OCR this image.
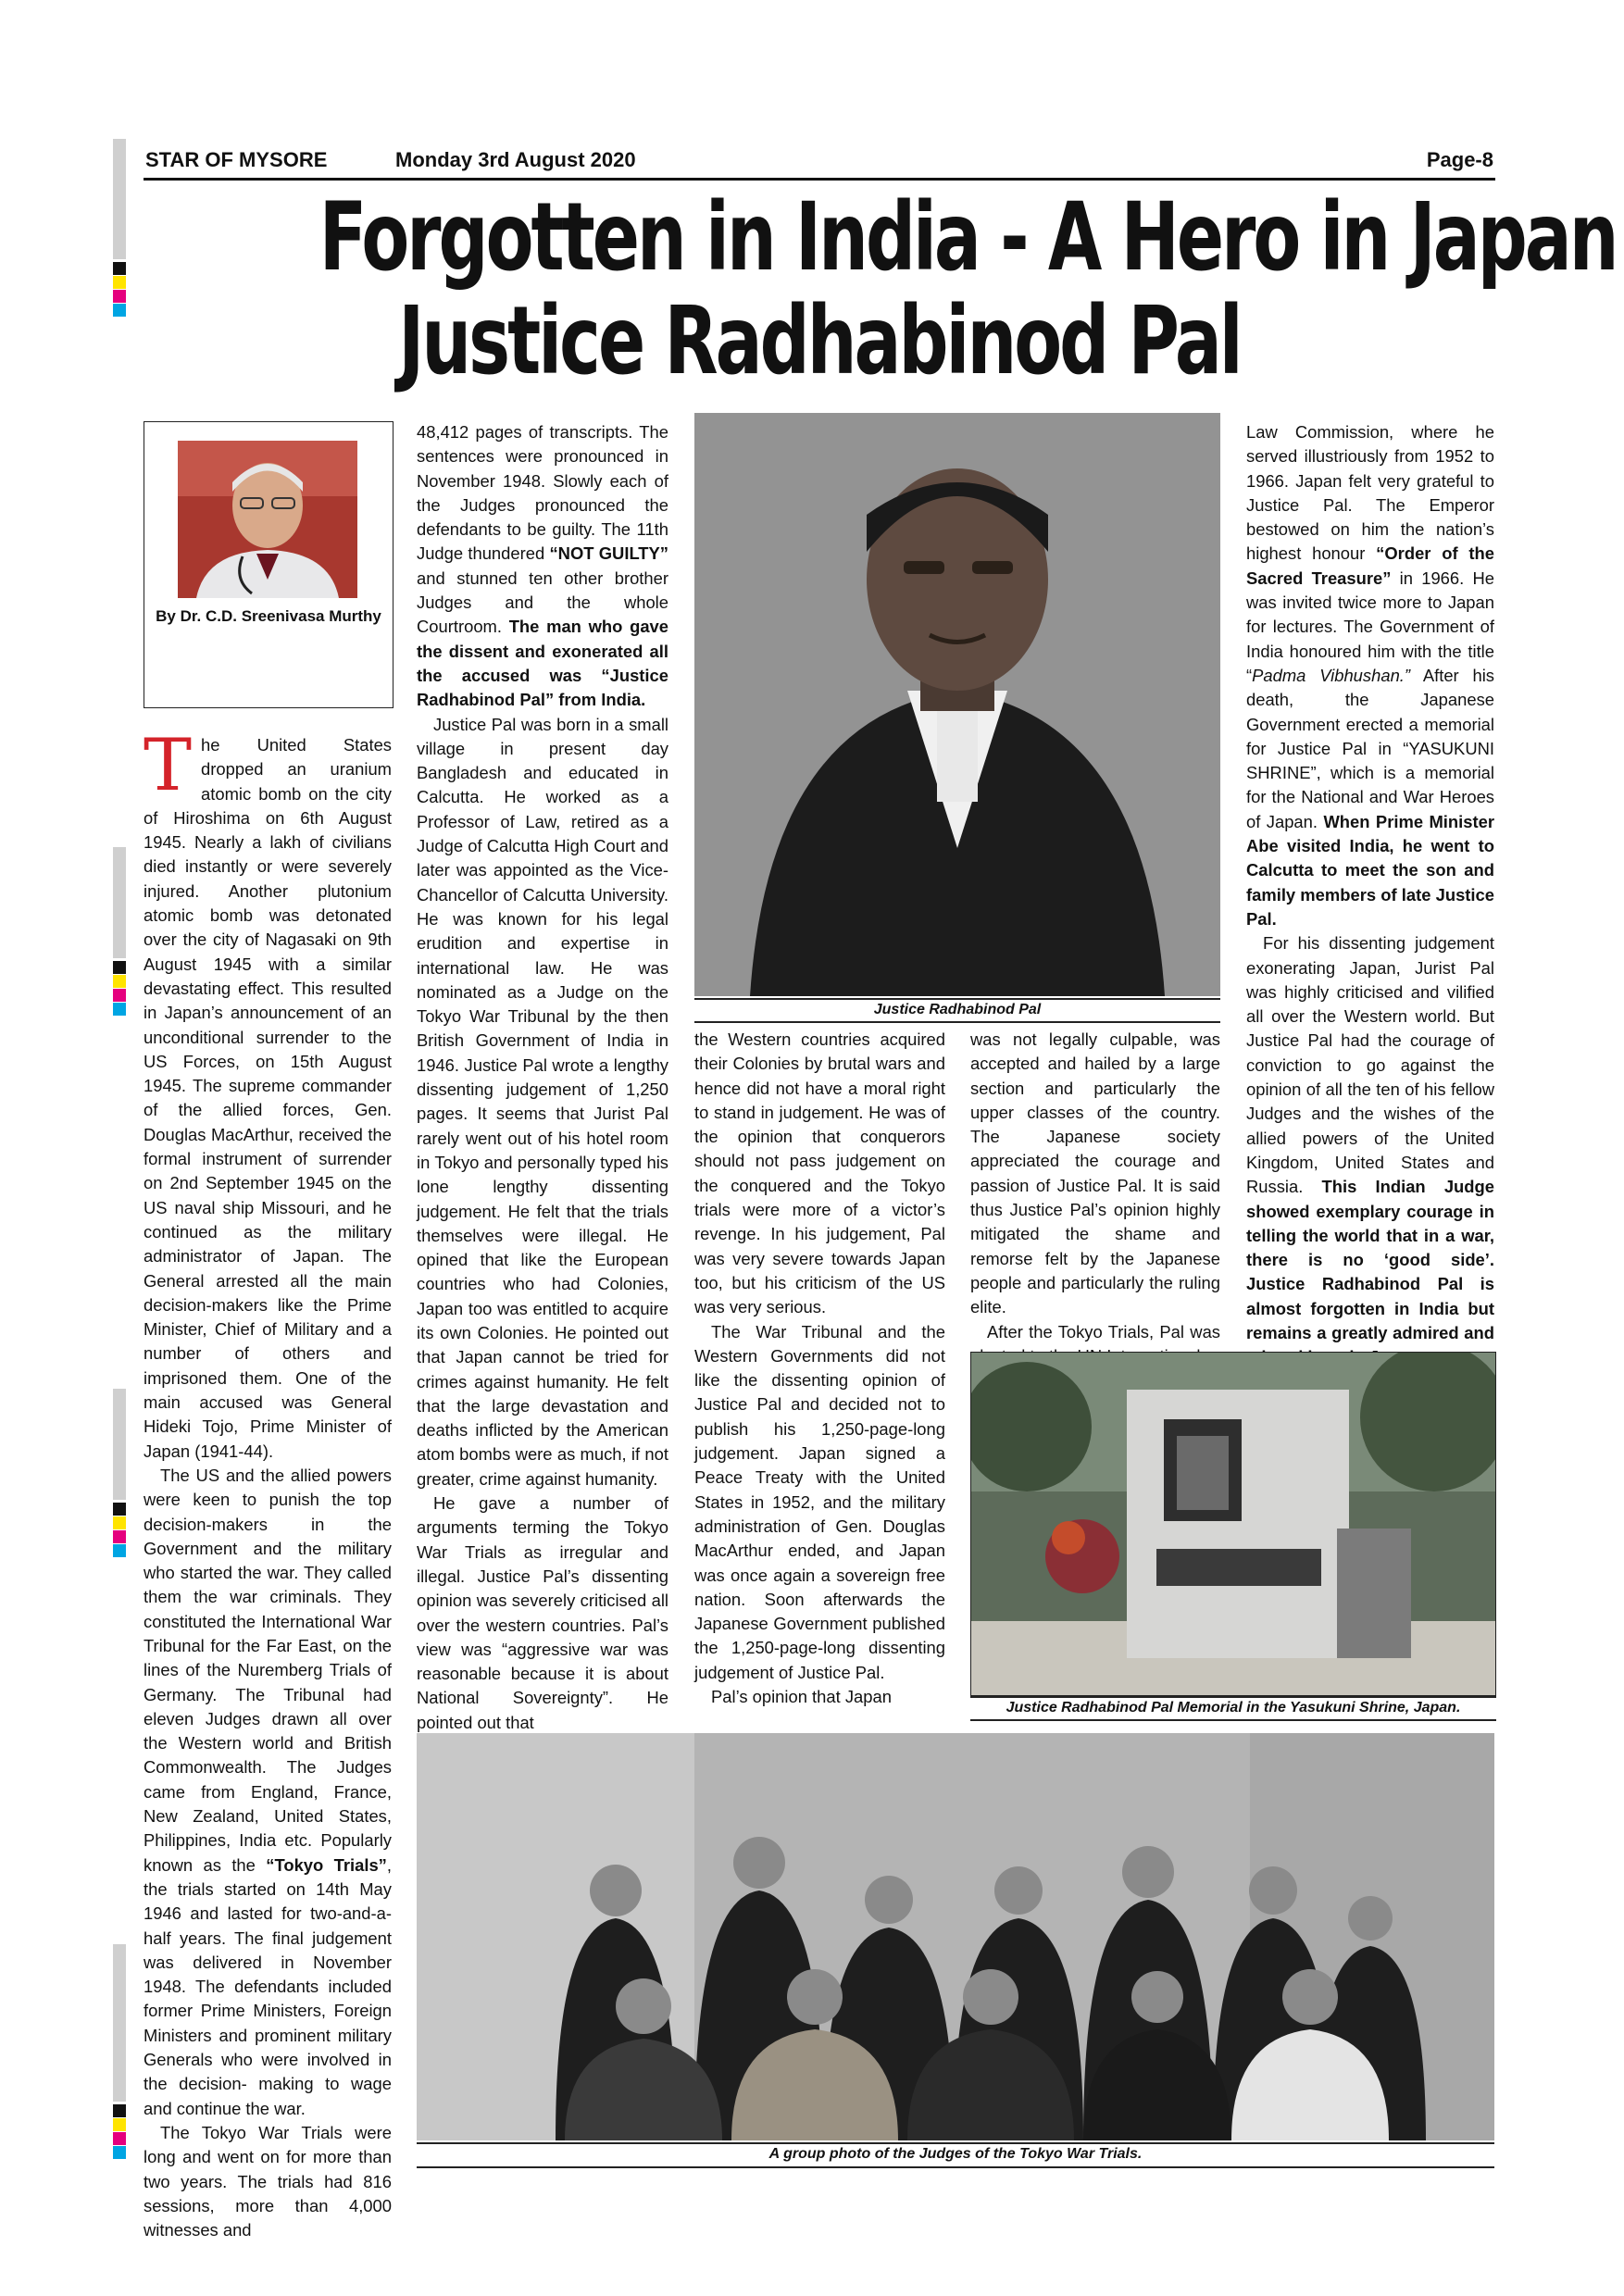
STAR OF MYSORE	Monday 3rd August 2020	Page-8
Forgotten in India - A Hero in Japan
Justice Radhabinod Pal
By Dr. C.D. Sreenivasa Murthy

The United States dropped an uranium atomic bomb on the city of Hiroshima on 6th August 1945. Nearly a lakh of civilians died instantly or were severely injured. Another plutonium atomic bomb was detonated over the city of Nagasaki on 9th August 1945 with a similar devastating effect. This resulted in Japan’s announcement of an unconditional surrender to the US Forces, on 15th August 1945. The supreme commander of the allied forces, Gen. Douglas MacArthur, received the formal instrument of surrender on 2nd September 1945 on the US naval ship Missouri, and he continued as the military administrator of Japan. The General arrested all the main decision-makers like the Prime Minister, Chief of Military and a number of others and imprisoned them. One of the main accused was General Hideki Tojo, Prime Minister of Japan (1941-44).

The US and the allied powers were keen to punish the top decision-makers in the Government and the military who started the war. They called them the war criminals. They constituted the International War Tribunal for the Far East, on the lines of the Nuremberg Trials of Germany. The Tribunal had eleven Judges drawn all over the Western world and British Commonwealth. The Judges came from England, France, New Zealand, United States, Philippines, India etc. Popularly known as the “Tokyo Trials”, the trials started on 14th May 1946 and lasted for two-and-a-half years. The final judgement was delivered in November 1948. The defendants included former Prime Ministers, Foreign Ministers and prominent military Generals who were involved in the decision- making to wage and continue the war.

The Tokyo War Trials were long and went on for more than two years. The trials had 816 sessions, more than 4,000 witnesses and

48,412 pages of transcripts. The sentences were pronounced in November 1948. Slowly each of the Judges pronounced the defendants to be guilty. The 11th Judge thundered “NOT GUILTY” and stunned ten other brother Judges and the whole Courtroom. The man who gave the dissent and exonerated all the accused was “Justice Radhabinod Pal” from India.

Justice Pal was born in a small village in present day Bangladesh and educated in Calcutta. He worked as a Professor of Law, retired as a Judge of Calcutta High Court and later was appointed as the Vice-Chancellor of Calcutta University. He was known for his legal erudition and expertise in international law. He was nominated as a Judge on the Tokyo War Tribunal by the then British Government of India in 1946. Justice Pal wrote a lengthy dissenting judgement of 1,250 pages. It seems that Jurist Pal rarely went out of his hotel room in Tokyo and personally typed his lone lengthy dissenting judgement. He felt that the trials themselves were illegal. He opined that like the European countries who had Colonies, Japan too was entitled to acquire its own Colonies. He pointed out that Japan cannot be tried for crimes against humanity. He felt that the large devastation and deaths inflicted by the American atom bombs were as much, if not greater, crime against humanity.

He gave a number of arguments terming the Tokyo War Trials as irregular and illegal. Justice Pal’s dissenting opinion was severely criticised all over the western countries. Pal’s view was “aggressive war was reasonable because it is about National Sovereignty”. He pointed out that

Justice Radhabinod Pal

the Western countries acquired their Colonies by brutal wars and hence did not have a moral right to stand in judgement. He was of the opinion that conquerors should not pass judgement on the conquered and the Tokyo trials were more of a victor’s revenge. In his judgement, Pal was very severe towards Japan too, but his criticism of the US was very serious.

The War Tribunal and the Western Governments did not like the dissenting opinion of Justice Pal and decided not to publish his 1,250-page-long judgement. Japan signed a Peace Treaty with the United States in 1952, and the military administration of Gen. Douglas MacArthur ended, and Japan was once again a sovereign free nation. Soon afterwards the Japanese Government published the 1,250-page-long dissenting judgement of Justice Pal.

Pal’s opinion that Japan

was not legally culpable, was accepted and hailed by a large section and particularly the upper classes of the country. The Japanese society appreciated the courage and passion of Justice Pal. It is said thus Justice Pal’s opinion highly mitigated the shame and remorse felt by the Japanese people and particularly the ruling elite.

After the Tokyo Trials, Pal was

Law Commission, where he served illustriously from 1952 to 1966. Japan felt very grateful to Justice Pal. The Emperor bestowed on him the nation’s highest honour “Order of the Sacred Treasure” in 1966. He was invited twice more to Japan for lectures. The Government of India honoured him with the title “Padma Vibhushan.” After his death, the Japanese Government erected a memorial for Justice Pal in “YASUKUNI SHRINE”, which is a memorial for the National and War Heroes of Japan. When Prime Minister Abe visited India, he went to Calcutta to meet the son and family members of late Justice Pal.

For his dissenting judgement exonerating Japan, Jurist Pal was highly criticised and vilified all over the Western world. But Justice Pal had the courage of conviction to go against the opinion of all the ten of his fellow Judges and the wishes of the allied powers of the United Kingdom, United States and Russia. This Indian Judge showed exemplary courage in telling the world that in a war, there is no ‘good side’. Justice Radhabinod Pal is almost forgotten in India but remains a greatly admired and

Justice Radhabinod Pal Memorial in the Yasukuni Shrine, Japan.
A group photo of the Judges of the Tokyo War Trials.
